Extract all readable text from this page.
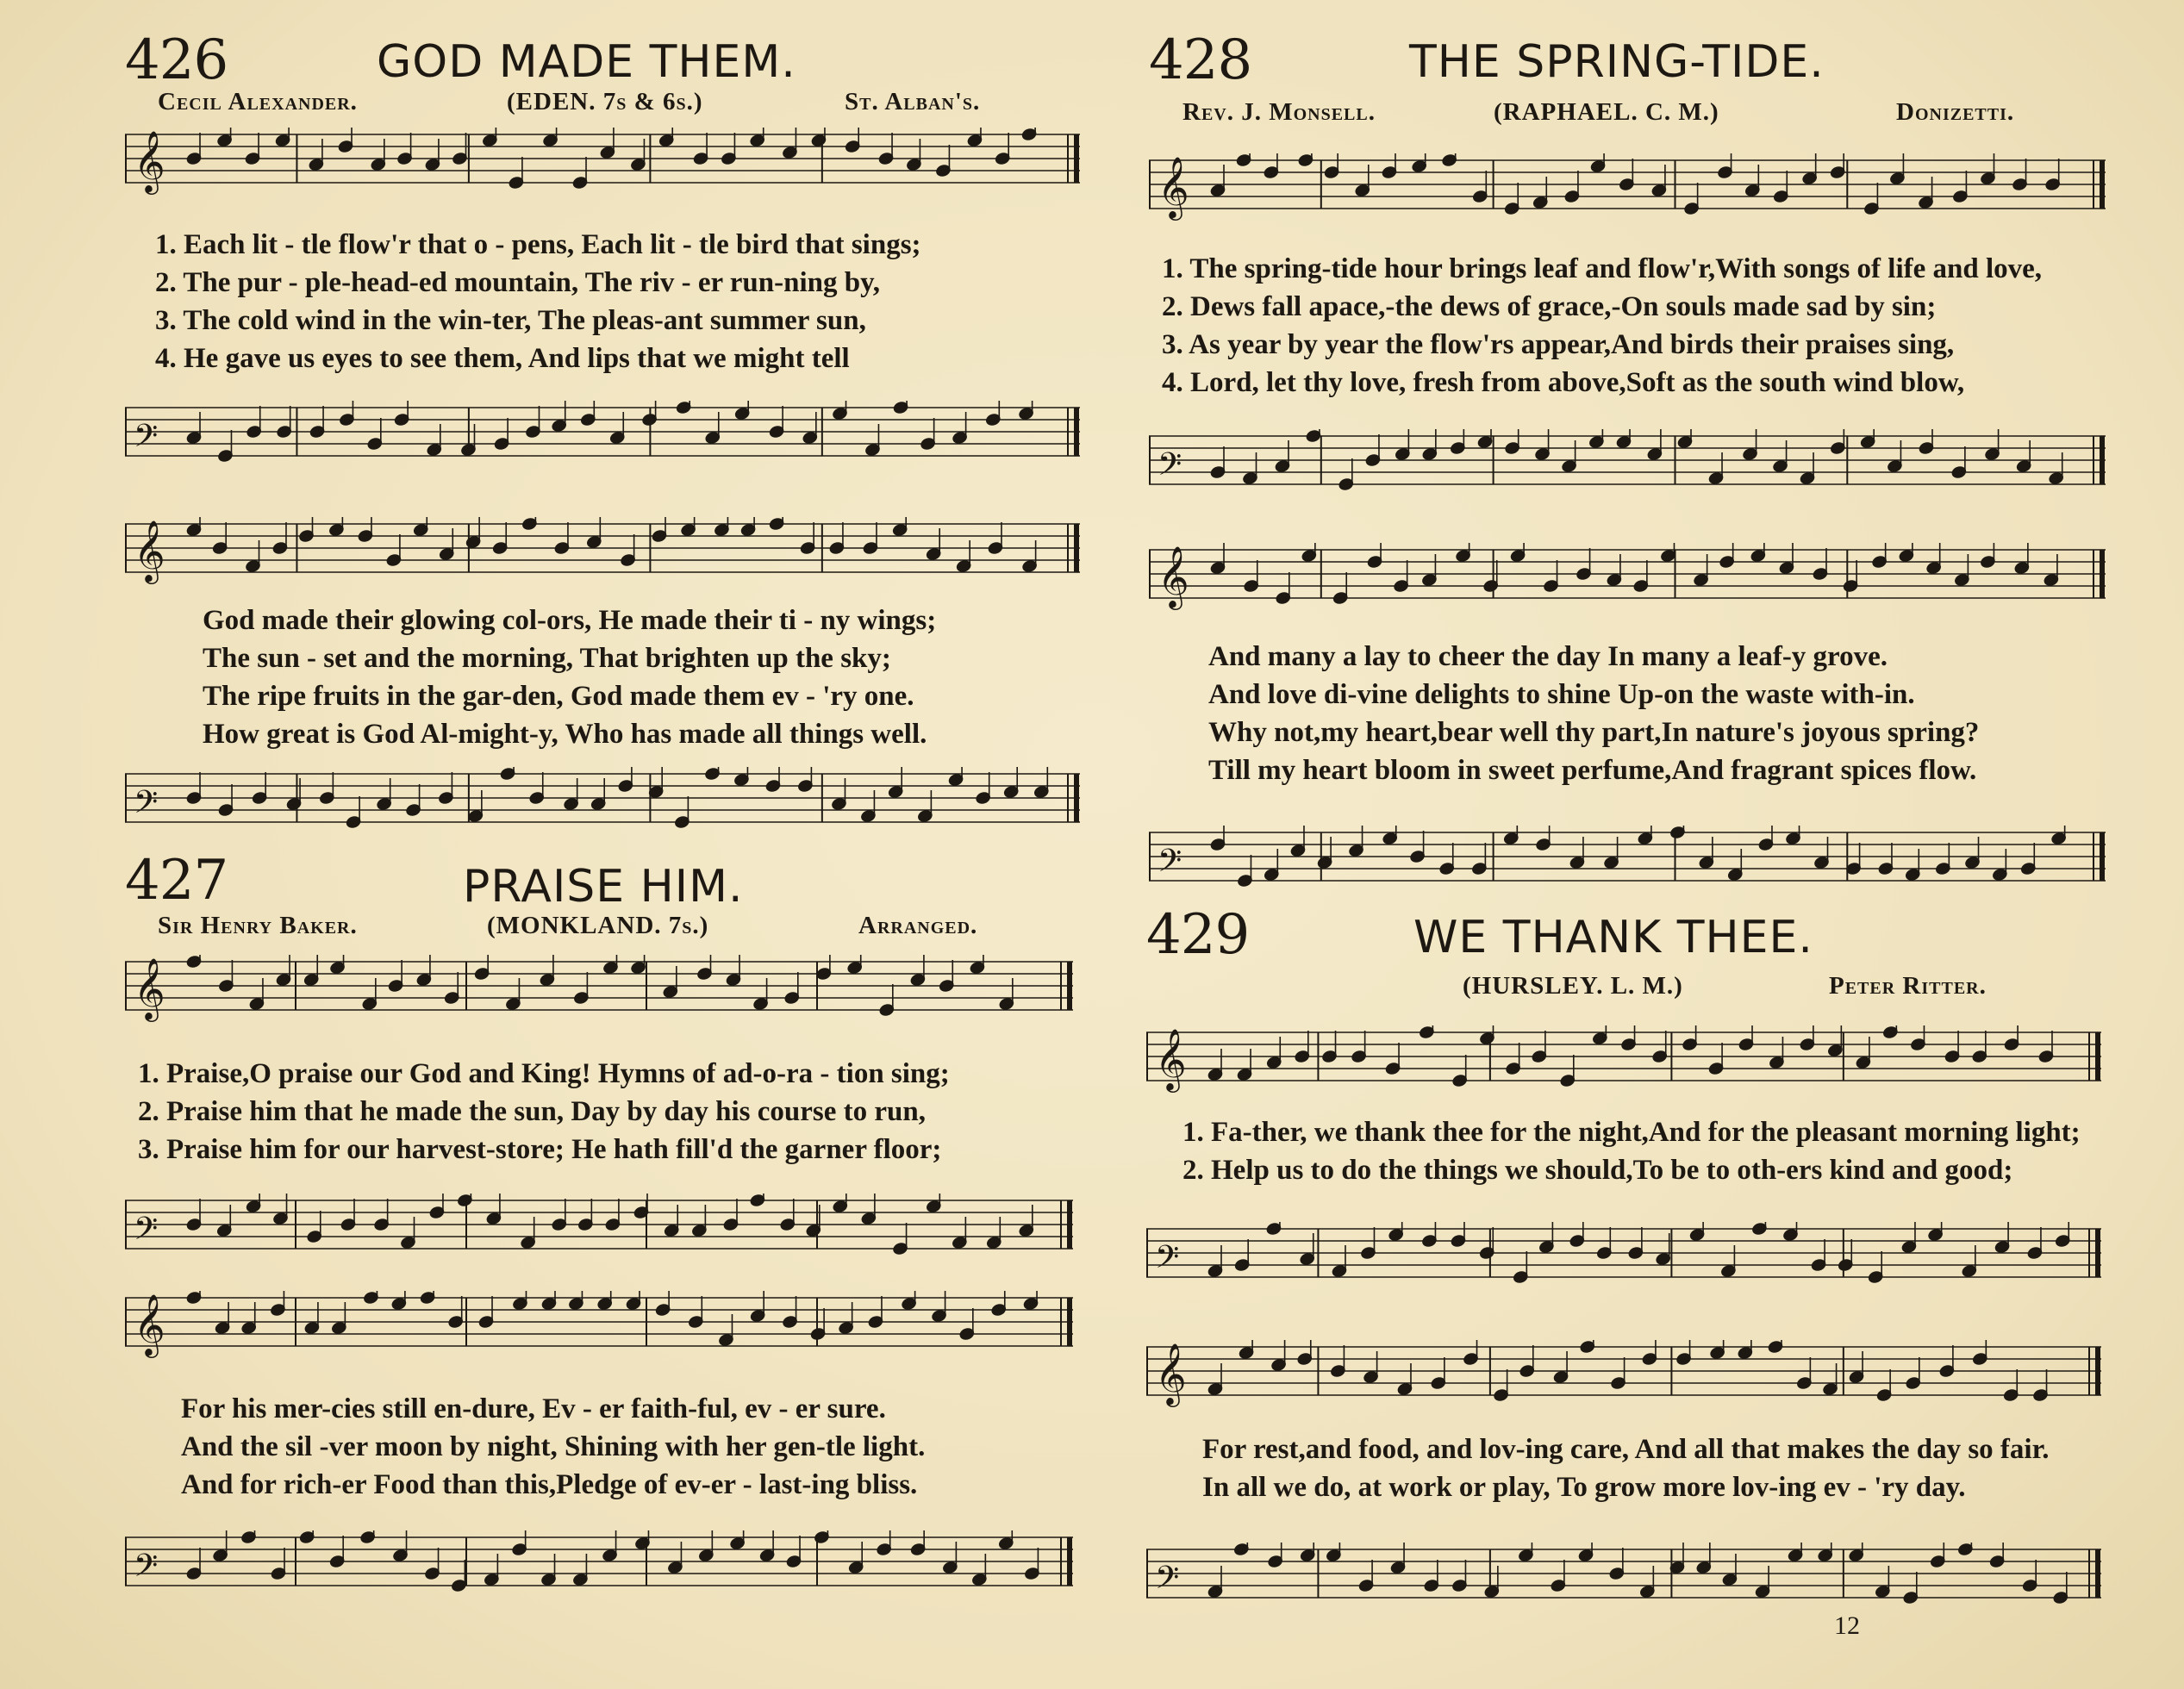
426	GOD MADE THEM.
Cecil Alexander.	(EDEN. 7s & 6s.)	St. Alban's.
𝄞
1. Each lit - tle flow'r that o - pens, Each lit - tle bird that sings;
2. The pur - ple-head-ed mountain, The riv - er run-ning by,
3. The cold wind in the win-ter, The pleas-ant summer sun,
4. He gave us eyes to see them, And lips that we might tell
𝄢
𝄞
God made their glowing col-ors, He made their ti - ny wings;
The sun - set and the morning, That brighten up the sky;
The ripe fruits in the gar-den, God made them ev - 'ry one.
How great is God Al-might-y, Who has made all things well.
𝄢
427	PRAISE HIM.
Sir Henry Baker.	(MONKLAND. 7s.)	Arranged.
𝄞
1. Praise,O praise our God and King! Hymns of ad-o-ra - tion sing;
2. Praise him that he made the sun, Day by day his course to run,
3. Praise him for our harvest-store; He hath fill'd the garner floor;
𝄢
𝄞
For his mer-cies still en-dure, Ev - er faith-ful, ev - er sure.
And the sil -ver moon by night, Shining with her gen-tle light.
And for rich-er Food than this,Pledge of ev-er - last-ing bliss.
𝄢
428	THE SPRING-TIDE.
Rev. J. Monsell.	(RAPHAEL. C. M.)	Donizetti.
𝄞
1. The spring-tide hour brings leaf and flow'r,With songs of life and love,
2. Dews fall apace,-the dews of grace,-On souls made sad by sin;
3. As year by year the flow'rs appear,And birds their praises sing,
4. Lord, let thy love, fresh from above,Soft as the south wind blow,
𝄢
𝄞
And many a lay to cheer the day In many a leaf-y grove.
And love di-vine delights to shine Up-on the waste with-in.
Why not,my heart,bear well thy part,In nature's joyous spring?
Till my heart bloom in sweet perfume,And fragrant spices flow.
𝄢
429	WE THANK THEE.
(HURSLEY. L. M.)	Peter Ritter.
𝄞
1. Fa-ther, we thank thee for the night,And for the pleasant morning light;
2. Help us to do the things we should,To be to oth-ers kind and good;
𝄢
𝄞
For rest,and food, and lov-ing care, And all that makes the day so fair.
In all we do, at work or play, To grow more lov-ing ev - 'ry day.
𝄢
12
